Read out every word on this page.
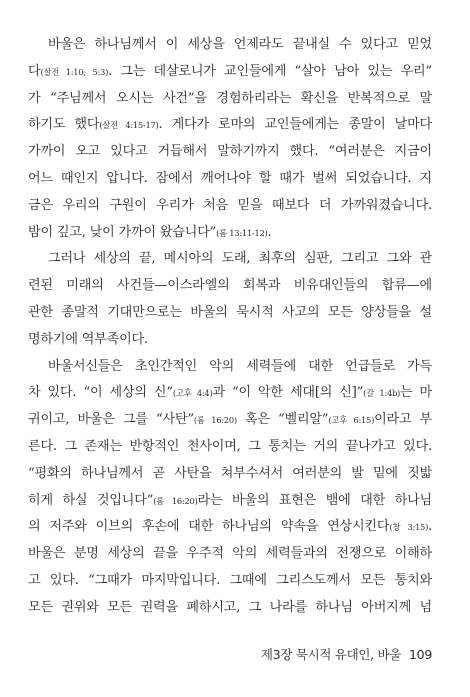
바울은 하나님께서 이 세상을 언제라도 끝내실 수 있다고 믿었
다(살전 1:10; 5:3). 그는 데살로니가 교인들에게 “살아 남아 있는 우리”
가 “주님께서 오시는 사건”을 경험하리라는 확신을 반복적으로 말
하기도 했다(살전 4:15-17). 게다가 로마의 교인들에게는 종말이 날마다
가까이 오고 있다고 거듭해서 말하기까지 했다. “여러분은 지금이
어느 때인지 압니다. 잠에서 깨어나야 할 때가 벌써 되었습니다. 지
금은 우리의 구원이 우리가 처음 믿을 때보다 더 가까워졌습니다.
밤이 깊고, 낮이 가까이 왔습니다”(롬 13:11-12).
그러나 세상의 끝, 메시아의 도래, 최후의 심판, 그리고 그와 관
련된 미래의 사건들—이스라엘의 회복과 비유대인들의 합류—에
관한 종말적 기대만으로는 바울의 묵시적 사고의 모든 양상들을 설
명하기에 역부족이다.
바울서신들은 초인간적인 악의 세력들에 대한 언급들로 가득
차 있다. “이 세상의 신”(고후 4:4)과 “이 악한 세대[의 신]”(갈 1:4b)는 마
귀이고, 바울은 그를 “사탄”(롬 16:20) 혹은 “벨리알”(고후 6:15)이라고 부
른다. 그 존재는 반항적인 천사이며, 그 통치는 거의 끝나가고 있다.
“평화의 하나님께서 곧 사탄을 쳐부수셔서 여러분의 발 밑에 짓밟
히게 하실 것입니다”(롬 16:20)라는 바울의 표현은 뱀에 대한 하나님
의 저주와 이브의 후손에 대한 하나님의 약속을 연상시킨다(창 3:15).
바울은 분명 세상의 끝을 우주적 악의 세력들과의 전쟁으로 이해하
고 있다. “그때가 마지막입니다. 그때에 그리스도께서 모든 통치와
모든 권위와 모든 권력을 폐하시고, 그 나라를 하나님 아버지께 넘
제3장 묵시적 유대인, 바울 109
